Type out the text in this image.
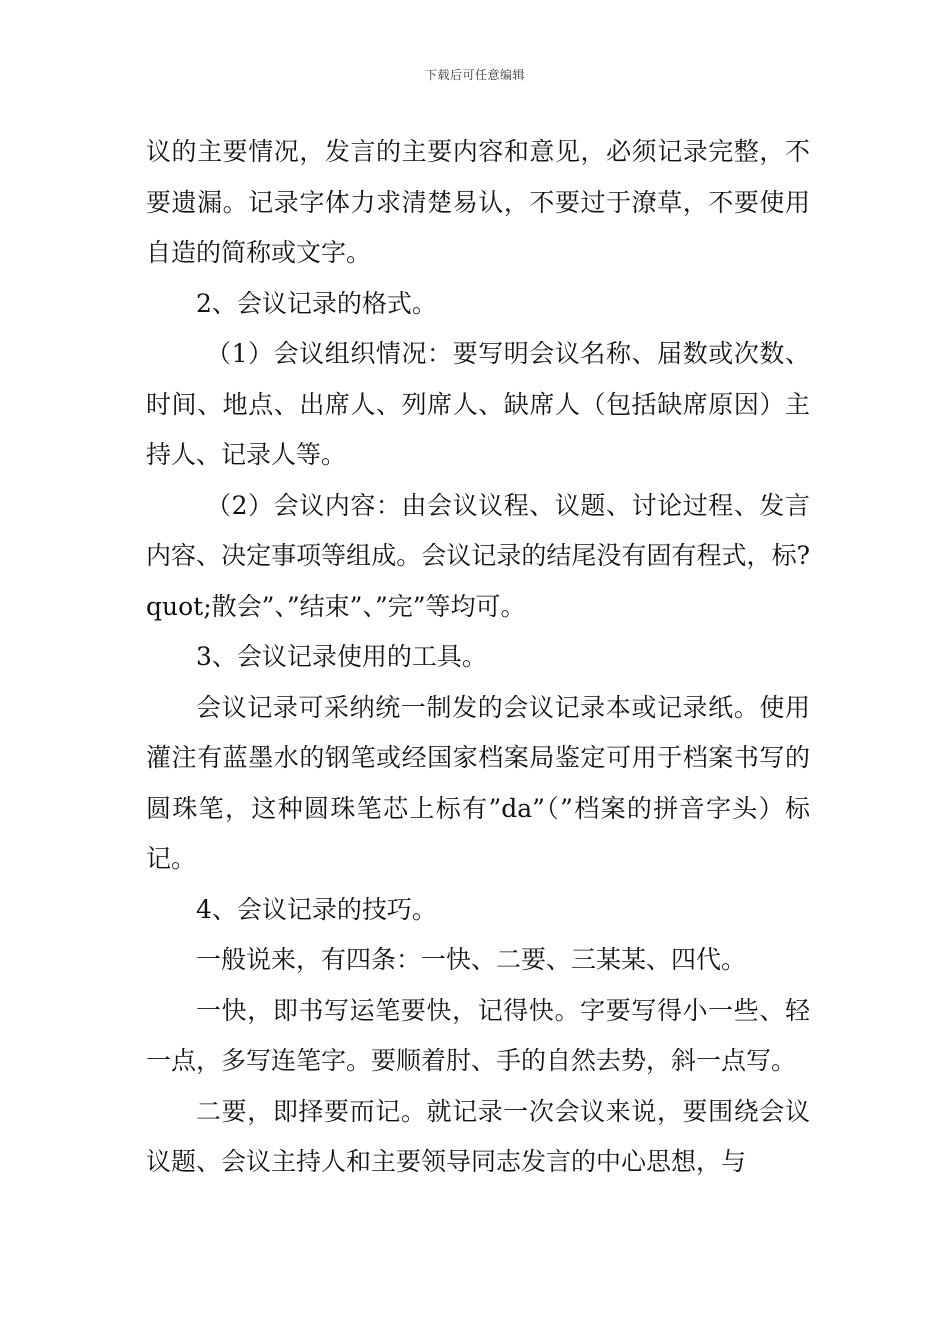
下载后可任意编辑

议的主要情况，发言的主要内容和意见，必须记录完整，不要遗漏。记录字体力求清楚易认，不要过于潦草，不要使用自造的简称或文字。

2、会议记录的格式。

（1）会议组织情况：要写明会议名称、届数或次数、时间、地点、出席人、列席人、缺席人（包括缺席原因）主持人、记录人等。

（2）会议内容：由会议议程、议题、讨论过程、发言内容、决定事项等组成。会议记录的结尾没有固有程式，标?quot;散会”、”结束”、”完”等均可。

3、会议记录使用的工具。

会议记录可采纳统一制发的会议记录本或记录纸。使用灌注有蓝墨水的钢笔或经国家档案局鉴定可用于档案书写的圆珠笔，这种圆珠笔芯上标有”da”（”档案的拼音字头）标记。

4、会议记录的技巧。

一般说来，有四条：一快、二要、三某某、四代。

一快，即书写运笔要快，记得快。字要写得小一些、轻一点，多写连笔字。要顺着肘、手的自然去势，斜一点写。

二要，即择要而记。就记录一次会议来说，要围绕会议议题、会议主持人和主要领导同志发言的中心思想，与
